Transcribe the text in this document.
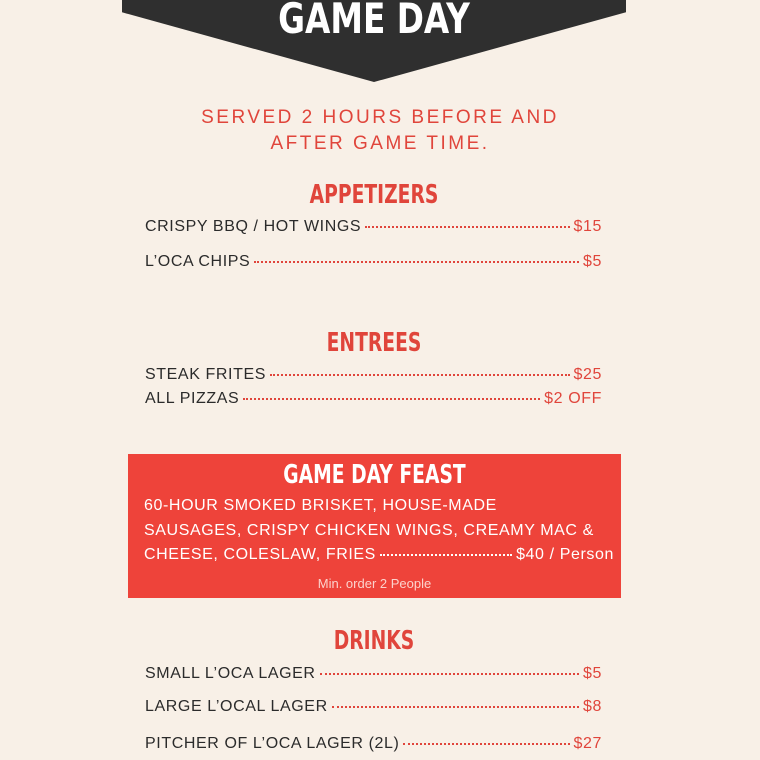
GAME DAY
SERVED 2 HOURS BEFORE AND
AFTER GAME TIME.
APPETIZERS
CRISPY BBQ / HOT WINGS	$15
L’OCA CHIPS	$5
ENTREES
STEAK FRITES	$25
ALL PIZZAS	$2 OFF
GAME DAY FEAST
60-HOUR SMOKED BRISKET, HOUSE-MADE
SAUSAGES, CRISPY CHICKEN WINGS, CREAMY MAC &
CHEESE, COLESLAW, FRIES	$40 / Person
Min. order 2 People
DRINKS
SMALL L’OCA LAGER	$5
LARGE L’OCAL LAGER	$8
PITCHER OF L’OCA LAGER (2L)	$27
